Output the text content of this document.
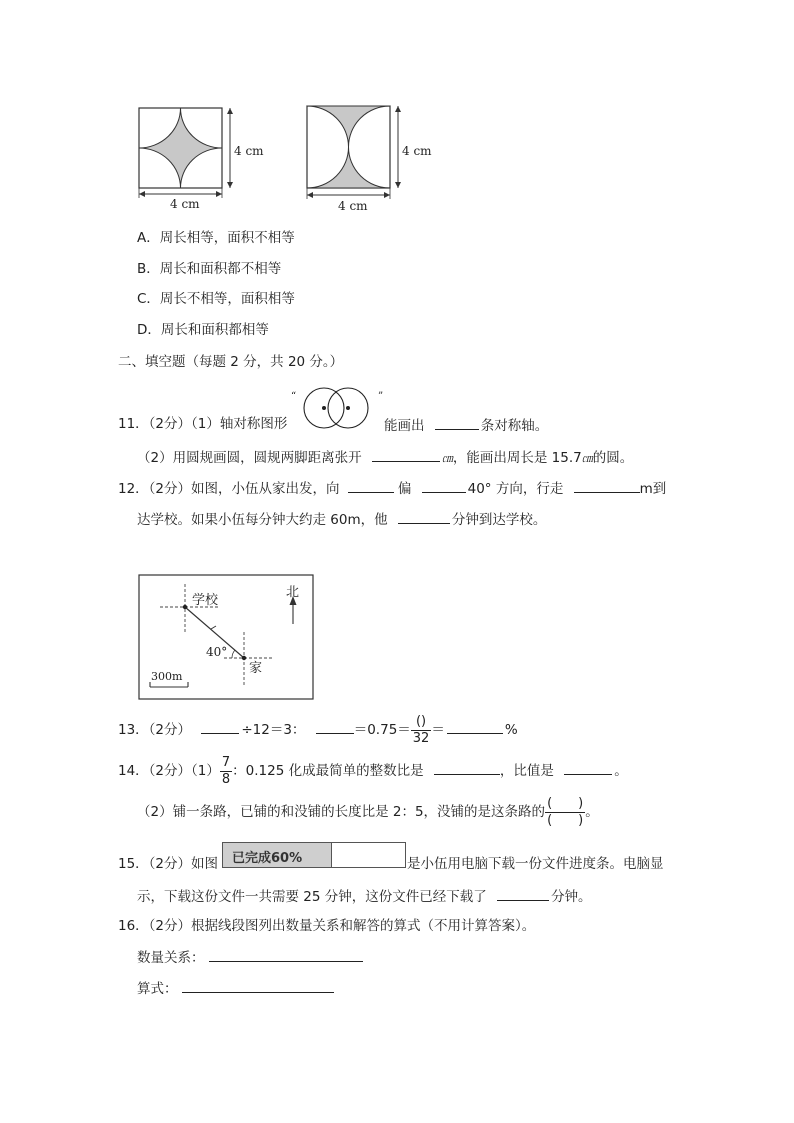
4 cm
4 cm
4 cm
4 cm
A．周长相等，面积不相等
B．周长和面积都不相等
C．周长不相等，面积相等
D．周长和面积都相等
二、填空题（每题 2 分，共 20 分。）
11．（2分）（1）轴对称图形
“	”
能画出	条对称轴。
（2）用圆规画圆，圆规两脚距离张开	㎝，能画出周长是 15.7㎝的圆。
12．（2分）如图，小伍从家出发，向	偏	40° 方向，行走	m到
达学校。如果小伍每分钟大约走 60m，他	分钟到达学校。
学校
北
40°
家
300m
13．（2分）	÷12＝3：	$=0.75= \frac{()}{32}$ ＝	%
14．（2分）$(1) \frac{7}{8}$ ：0.125 化成最简单的整数比是	，比值是	。
（2）铺一条路，已铺的和没铺的长度比是 2：5，没铺的是这条路的 $\frac{( )}{( )}$ 。
15．（2分）如图 已完成60%	是小伍用电脑下载一份文件进度条。电脑显
示，下载这份文件一共需要 25 分钟，这份文件已经下载了	分钟。
16．（2分）根据线段图列出数量关系和解答的算式（不用计算答案）。
数量关系：
算式：
